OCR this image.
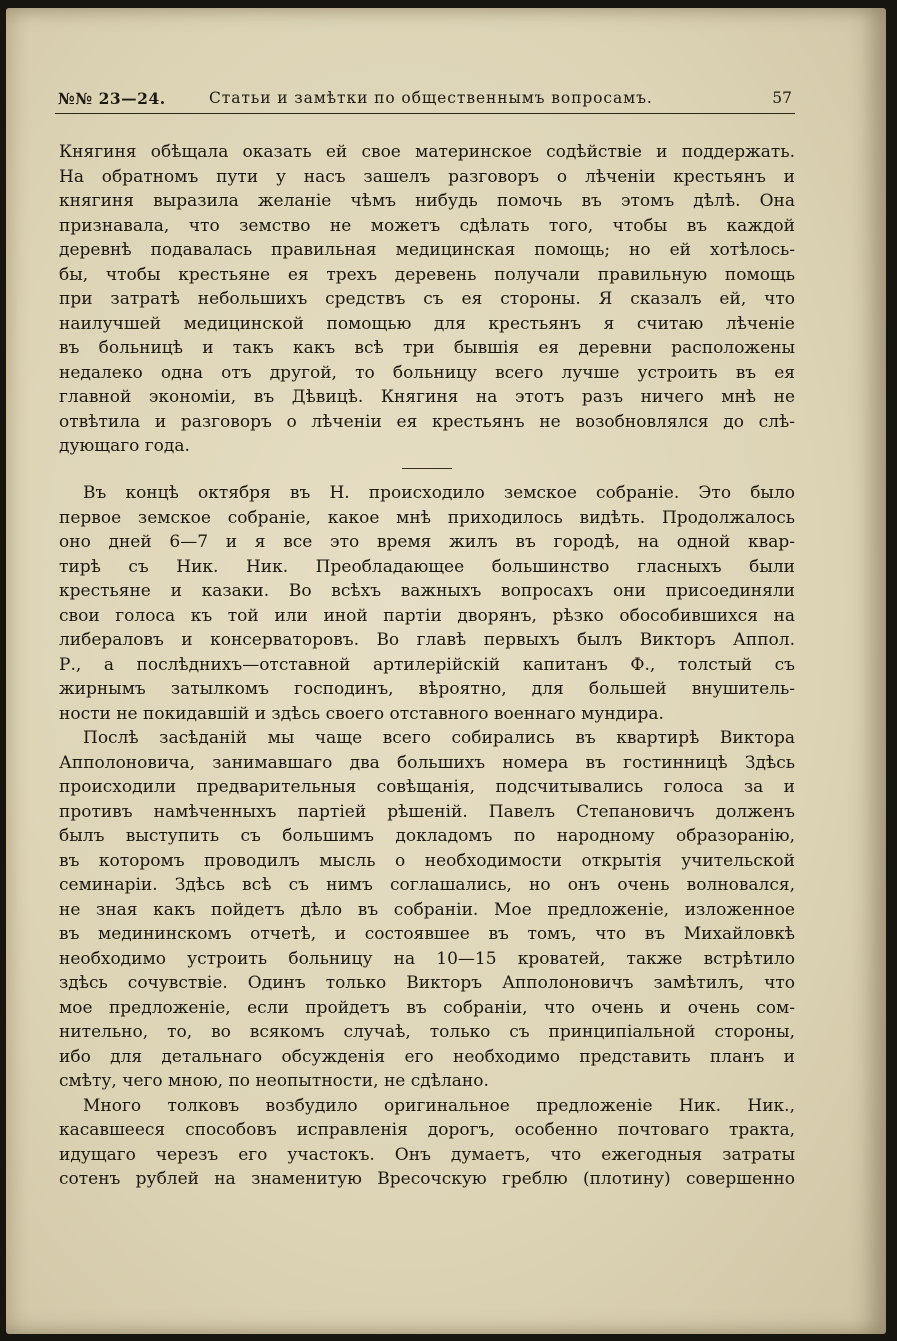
№№ 23—24.	Статьи и замѣтки по общественнымъ вопросамъ.	57
Княгиня обѣщала оказать ей свое материнское содѣйствіе и поддержать.
На обратномъ пути у насъ зашелъ разговоръ о лѣченіи крестьянъ и
княгиня выразила желаніе чѣмъ нибудь помочь въ этомъ дѣлѣ. Она
признавала, что земство не можетъ сдѣлать того, чтобы въ каждой
деревнѣ подавалась правильная медицинская помощь; но ей хотѣлось-
бы, чтобы крестьяне ея трехъ деревень получали правильную помощь
при затратѣ небольшихъ средствъ съ ея стороны. Я сказалъ ей, что
наилучшей медицинской помощью для крестьянъ я считаю лѣченіе
въ больницѣ и такъ какъ всѣ три бывшія ея деревни расположены
недалеко одна отъ другой, то больницу всего лучше устроить въ ея
главной экономіи, въ Дѣвицѣ. Княгиня на этотъ разъ ничего мнѣ не
отвѣтила и разговоръ о лѣченіи ея крестьянъ не возобновлялся до слѣ-
дующаго года.
Въ концѣ октября въ Н. происходило земское собраніе. Это было
первое земское собраніе, какое мнѣ приходилось видѣть. Продолжалось
оно дней 6—7 и я все это время жилъ въ городѣ, на одной квар-
тирѣ съ Ник. Ник. Преобладающее большинство гласныхъ были
крестьяне и казаки. Во всѣхъ важныхъ вопросахъ они присоединяли
свои голоса къ той или иной партіи дворянъ, рѣзко обособившихся на
либераловъ и консерваторовъ. Во главѣ первыхъ былъ Викторъ Аппол.
Р., а послѣднихъ—отставной артилерійскій капитанъ Ф., толстый съ
жирнымъ затылкомъ господинъ, вѣроятно, для большей внушитель-
ности не покидавшій и здѣсь своего отставного военнаго мундира.
Послѣ засѣданій мы чаще всего собирались въ квартирѣ Виктора
Апполоновича, занимавшаго два большихъ номера въ гостинницѣ Здѣсь
происходили предварительныя совѣщанія, подсчитывались голоса за и
противъ намѣченныхъ партіей рѣшеній. Павелъ Степановичъ долженъ
былъ выступить съ большимъ докладомъ по народному образоранію,
въ которомъ проводилъ мысль о необходимости открытія учительской
семинаріи. Здѣсь всѣ съ нимъ соглашались, но онъ очень волновался,
не зная какъ пойдетъ дѣло въ собраніи. Мое предложеніе, изложенное
въ медининскомъ отчетѣ, и состоявшее въ томъ, что въ Михайловкѣ
необходимо устроить больницу на 10—15 кроватей, также встрѣтило
здѣсь сочувствіе. Одинъ только Викторъ Апполоновичъ замѣтилъ, что
мое предложеніе, если пройдетъ въ собраніи, что очень и очень сом-
нительно, то, во всякомъ случаѣ, только съ принципіальной стороны,
ибо для детальнаго обсужденія его необходимо представить планъ и
смѣту, чего мною, по неопытности, не сдѣлано.
Много толковъ возбудило оригинальное предложеніе Ник. Ник.,
касавшееся способовъ исправленія дорогъ, особенно почтоваго тракта,
идущаго черезъ его участокъ. Онъ думаетъ, что ежегодныя затраты
сотенъ рублей на знаменитую Вресочскую греблю (плотину) совершенно
